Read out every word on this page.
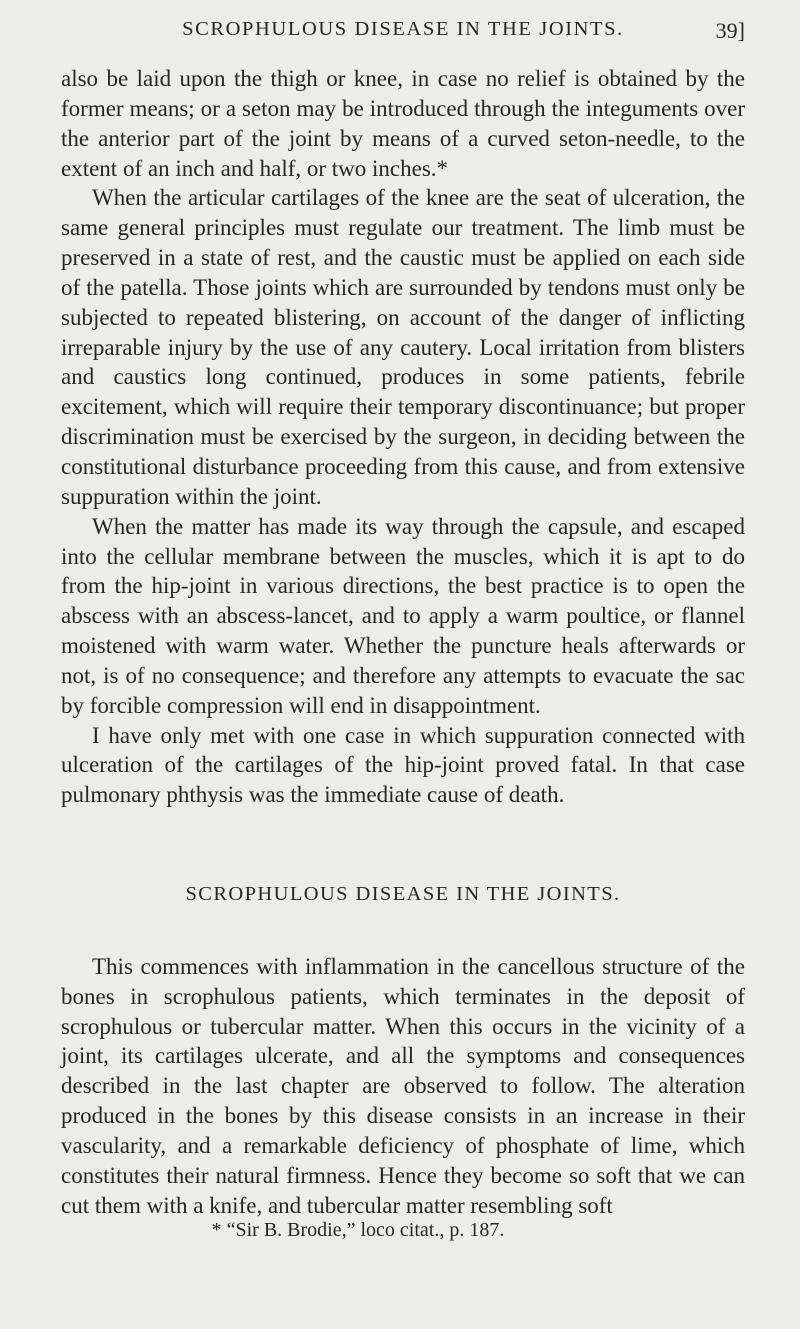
SCROPHULOUS DISEASE IN THE JOINTS.	39]

also be laid upon the thigh or knee, in case no relief is obtained by the former means; or a seton may be introduced through the integuments over the anterior part of the joint by means of a curved seton-needle, to the extent of an inch and half, or two inches.*

When the articular cartilages of the knee are the seat of ulceration, the same general principles must regulate our treatment. The limb must be preserved in a state of rest, and the caustic must be applied on each side of the patella. Those joints which are surrounded by tendons must only be subjected to repeated blistering, on account of the danger of inflicting irreparable injury by the use of any cautery. Local irritation from blisters and caustics long continued, produces in some patients, febrile excitement, which will require their temporary discontinuance; but proper discrimination must be exercised by the surgeon, in deciding between the constitutional disturbance proceeding from this cause, and from extensive suppuration within the joint.

When the matter has made its way through the capsule, and escaped into the cellular membrane between the muscles, which it is apt to do from the hip-joint in various directions, the best practice is to open the abscess with an abscess-lancet, and to apply a warm poultice, or flannel moistened with warm water. Whether the puncture heals afterwards or not, is of no consequence; and therefore any attempts to evacuate the sac by forcible compression will end in disappointment.

I have only met with one case in which suppuration connected with ulceration of the cartilages of the hip-joint proved fatal. In that case pulmonary phthysis was the immediate cause of death.

SCROPHULOUS DISEASE IN THE JOINTS.

This commences with inflammation in the cancellous structure of the bones in scrophulous patients, which terminates in the deposit of scrophulous or tubercular matter. When this occurs in the vicinity of a joint, its cartilages ulcerate, and all the symptoms and consequences described in the last chapter are observed to follow. The alteration produced in the bones by this disease consists in an increase in their vascularity, and a remarkable deficiency of phosphate of lime, which constitutes their natural firmness. Hence they become so soft that we can cut them with a knife, and tubercular matter resembling soft

* “Sir B. Brodie,” loco citat., p. 187.
